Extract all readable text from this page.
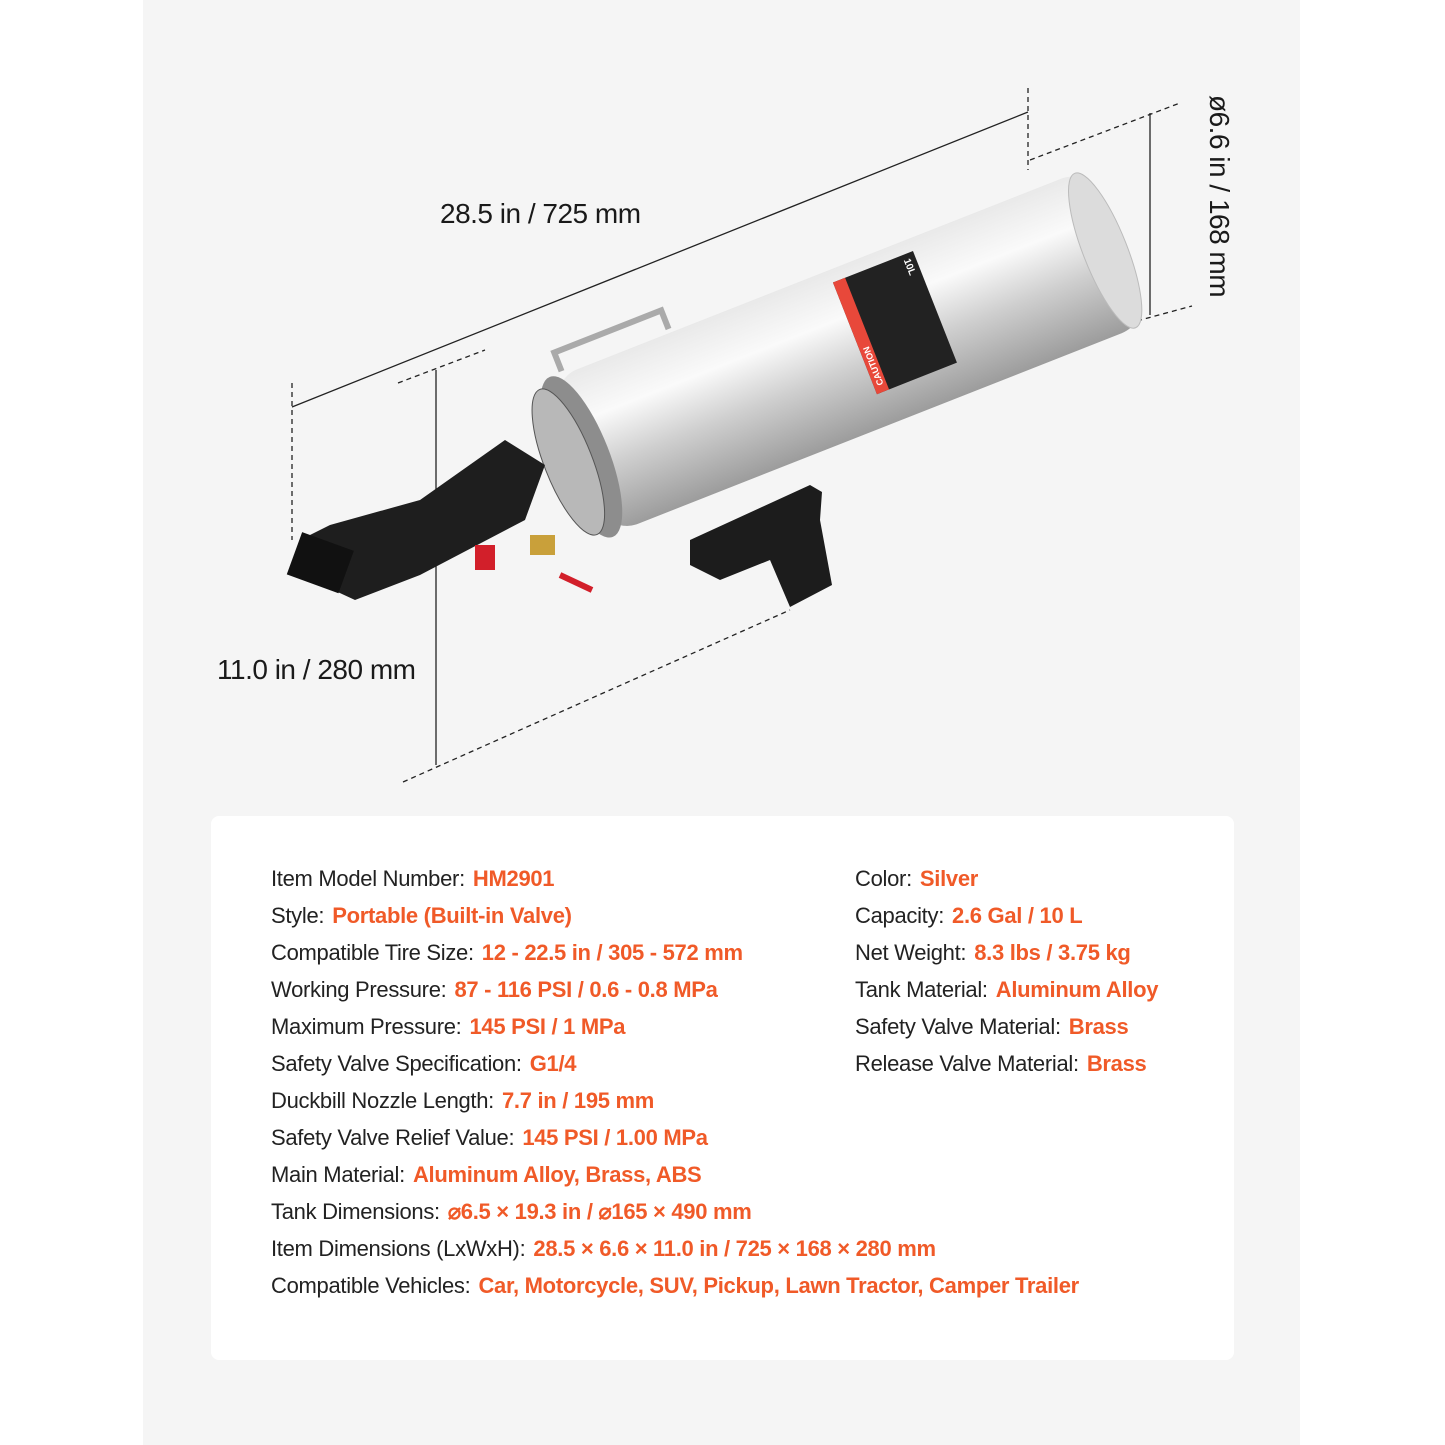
CAUTION
10L
28.5 in / 725 mm
11.0 in / 280 mm
ø6.6 in / 168 mm
Item Model Number: HM2901
Style: Portable (Built-in Valve)
Compatible Tire Size: 12 - 22.5 in / 305 - 572 mm
Working Pressure: 87 - 116 PSI / 0.6 - 0.8 MPa
Maximum Pressure: 145 PSI / 1 MPa
Safety Valve Specification: G1/4
Duckbill Nozzle Length: 7.7 in / 195 mm
Safety Valve Relief Value: 145 PSI / 1.00 MPa
Main Material: Aluminum Alloy, Brass, ABS
Tank Dimensions: ⌀6.5 × 19.3 in / ⌀165 × 490 mm
Item Dimensions (LxWxH): 28.5 × 6.6 × 11.0 in / 725 × 168 × 280 mm
Compatible Vehicles: Car, Motorcycle, SUV, Pickup, Lawn Tractor, Camper Trailer
Color: Silver
Capacity: 2.6 Gal / 10 L
Net Weight: 8.3 lbs / 3.75 kg
Tank Material: Aluminum Alloy
Safety Valve Material: Brass
Release Valve Material: Brass
